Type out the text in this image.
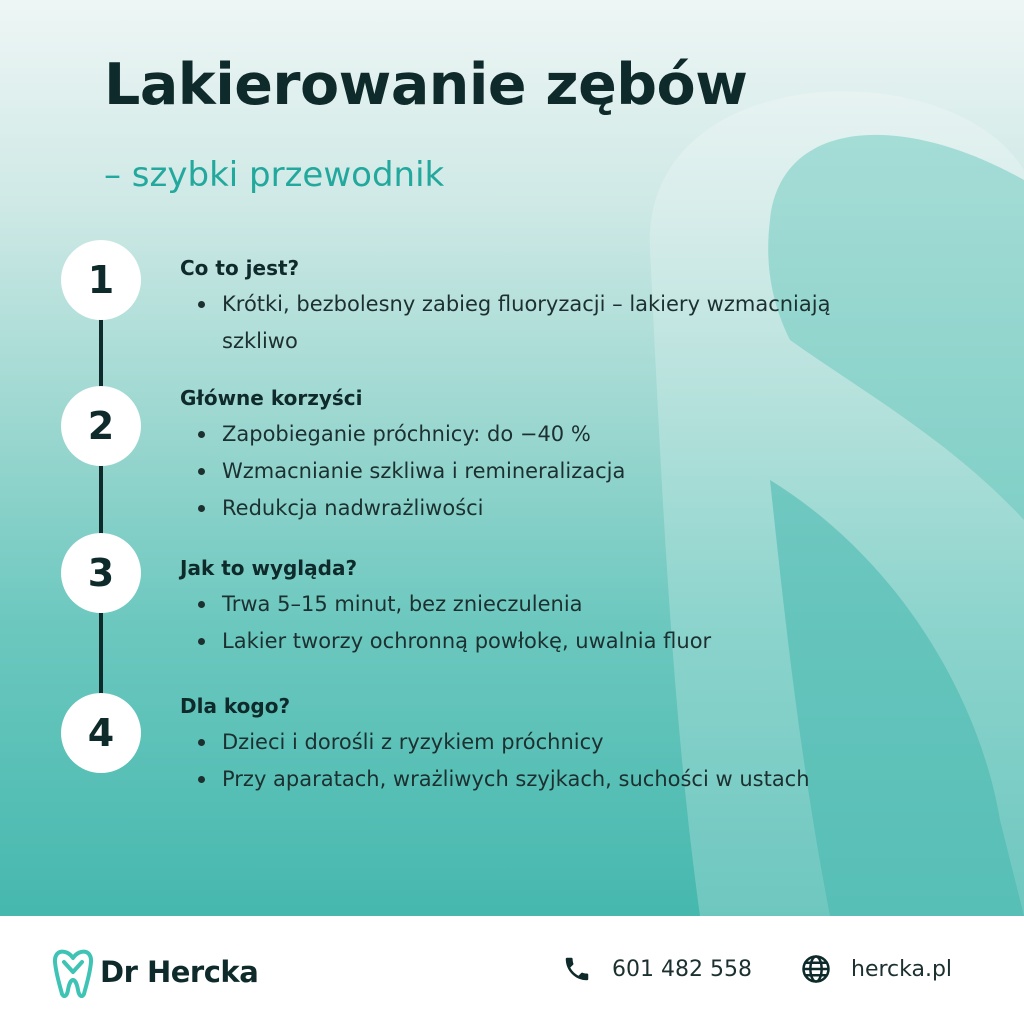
Lakierowanie zębów

– szybki przewodnik

1
2
3
4
Co to jest?
Krótki, bezbolesny zabieg fluoryzacji – lakiery wzmacniają szkliwo
Główne korzyści
Zapobieganie próchnicy: do −40 %
Wzmacnianie szkliwa i remineralizacja
Redukcja nadwrażliwości
Jak to wygląda?
Trwa 5–15 minut, bez znieczulenia
Lakier tworzy ochronną powłokę, uwalnia fluor
Dla kogo?
Dzieci i dorośli z ryzykiem próchnicy
Przy aparatach, wrażliwych szyjkach, suchości w ustach
Dr Hercka	601 482 558	hercka.pl
